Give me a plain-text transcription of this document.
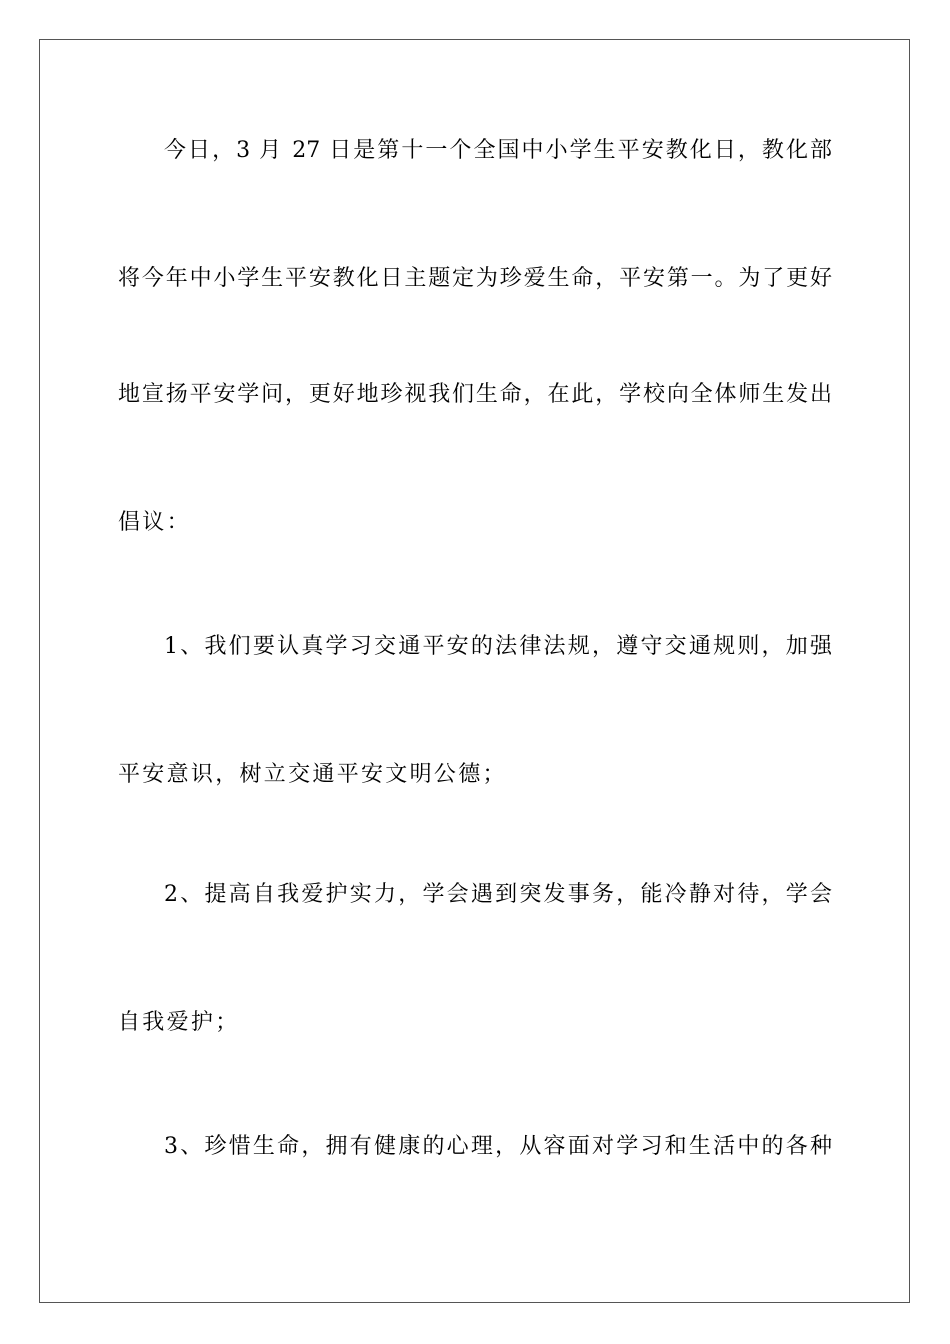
今日，3 月 27 日是第十一个全国中小学生平安教化日，教化部
将今年中小学生平安教化日主题定为珍爱生命，平安第一。为了更好
地宣扬平安学问，更好地珍视我们生命，在此，学校向全体师生发出
倡议：
1、我们要认真学习交通平安的法律法规，遵守交通规则，加强
平安意识，树立交通平安文明公德；
2、提高自我爱护实力，学会遇到突发事务，能冷静对待，学会
自我爱护；
3、珍惜生命，拥有健康的心理，从容面对学习和生活中的各种
